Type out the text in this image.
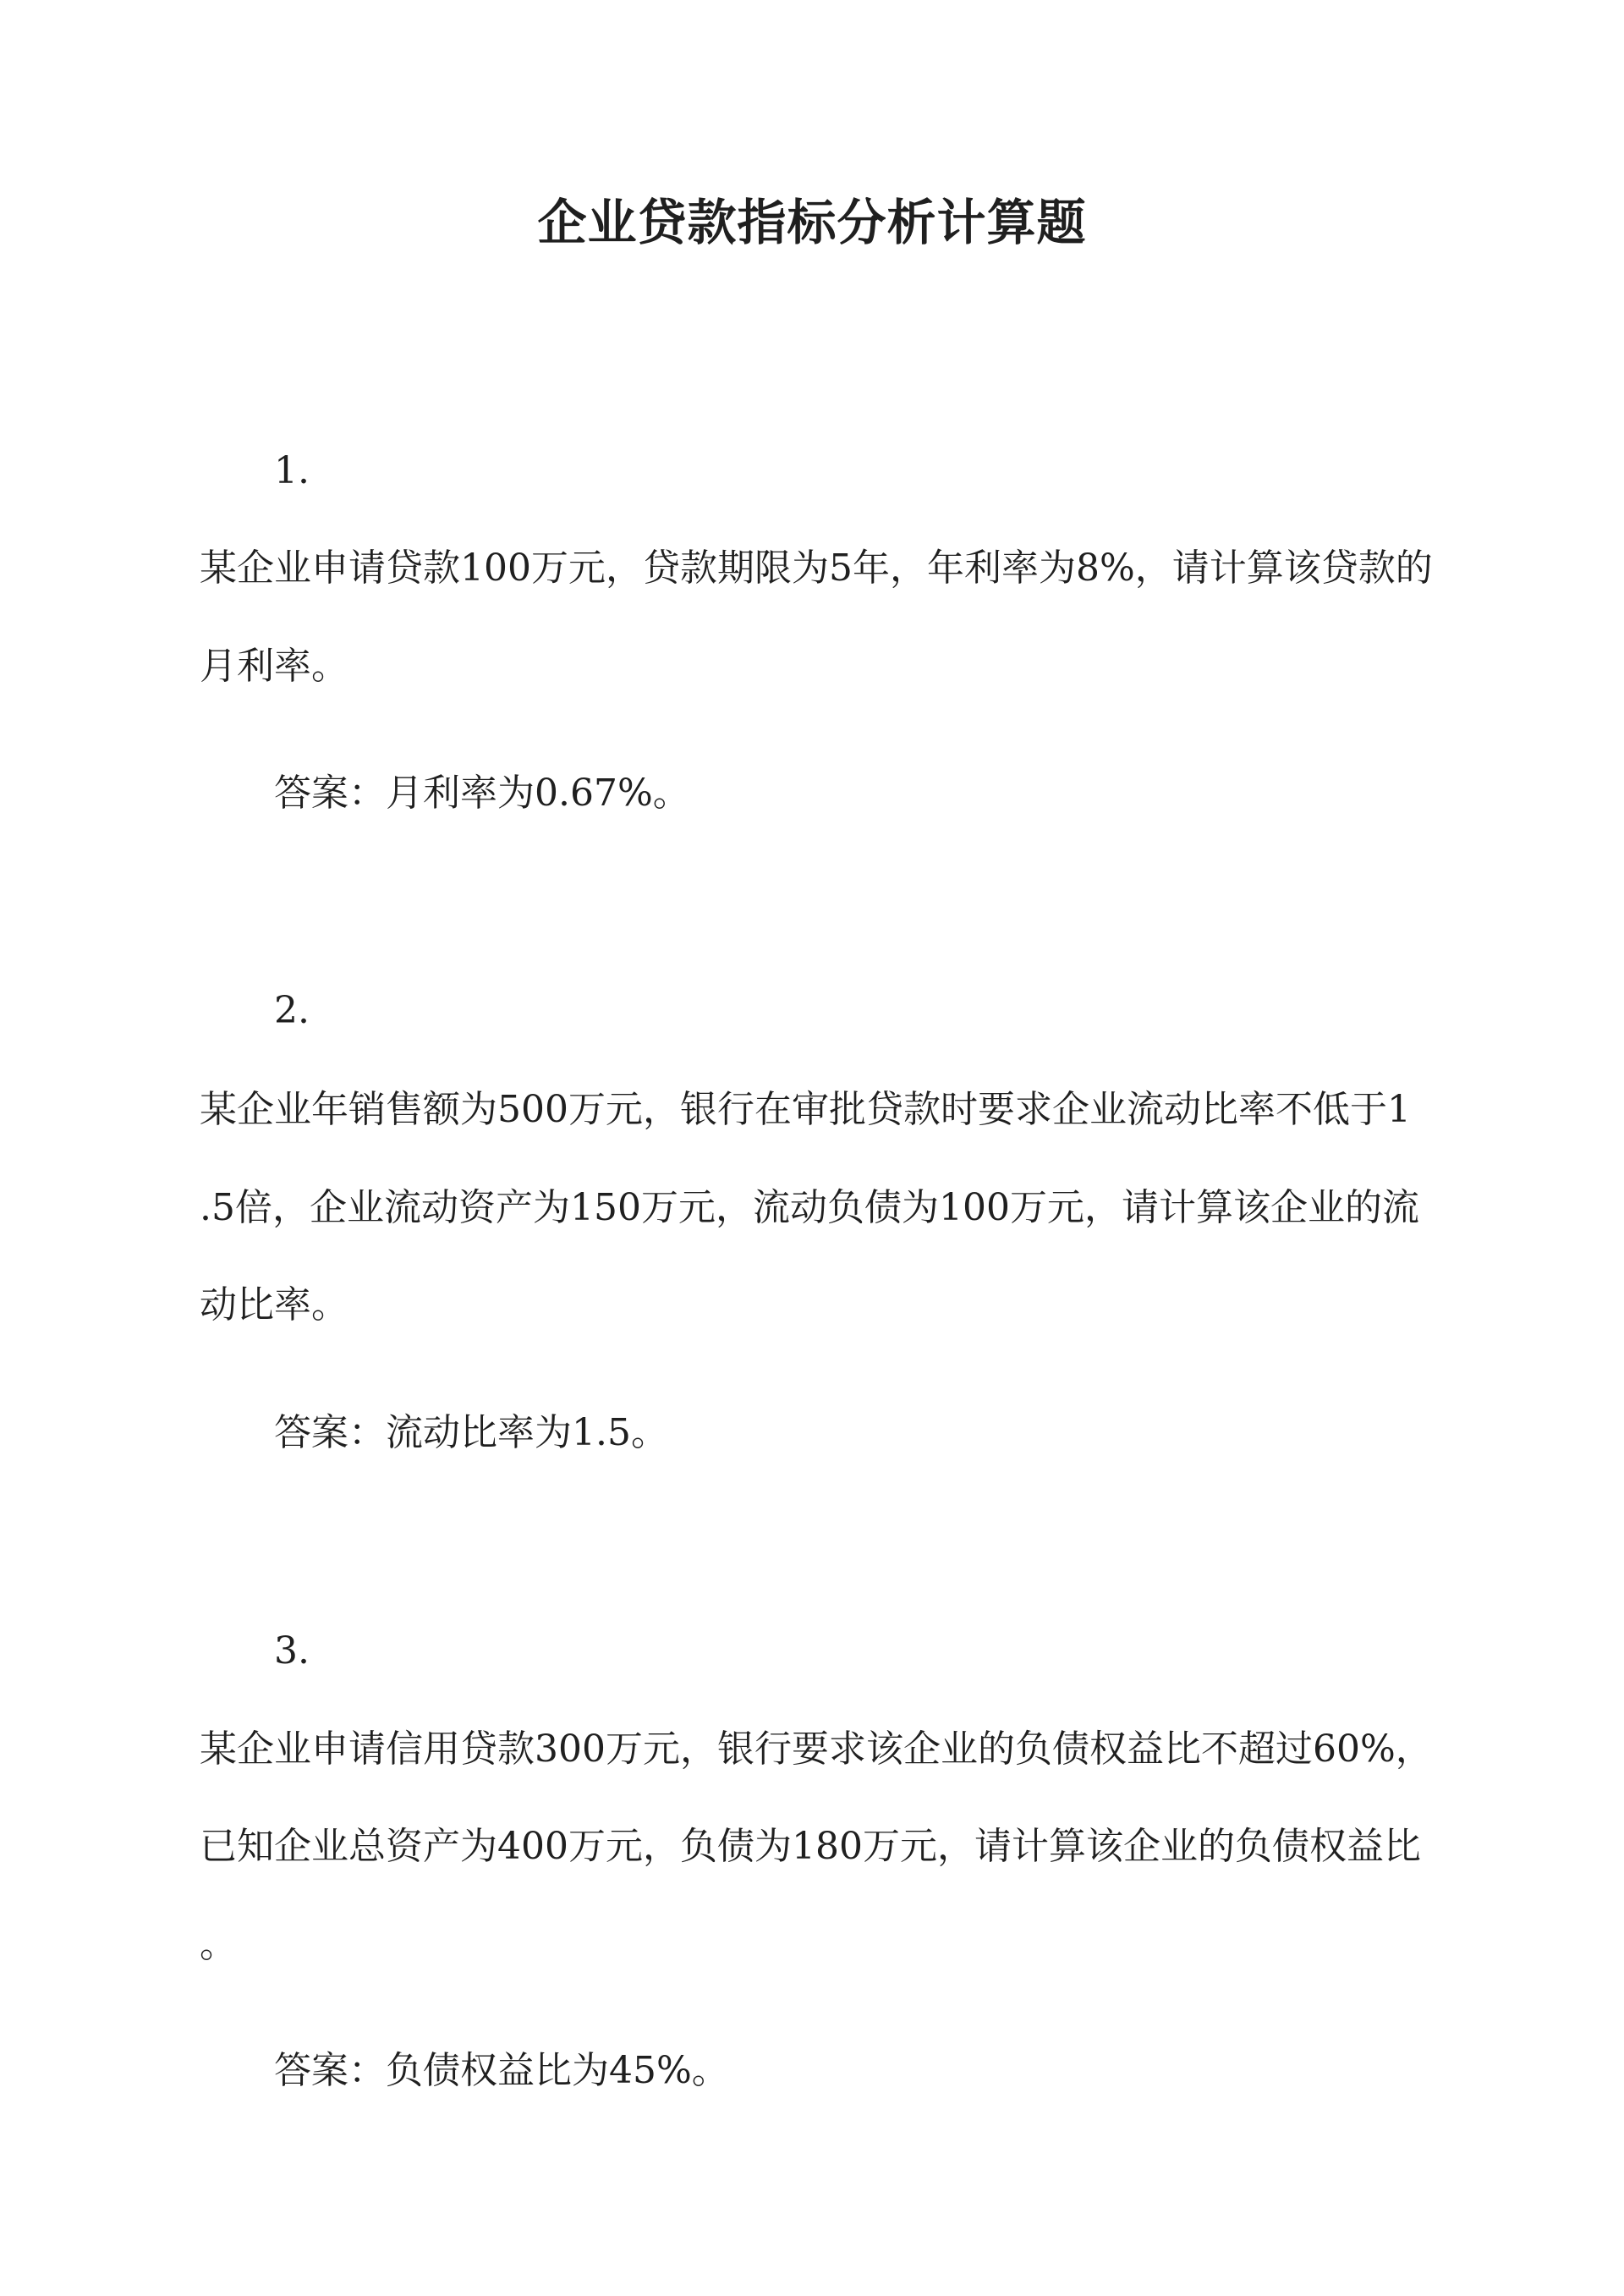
企业贷款指标分析计算题
1.
某企业申请贷款100万元，贷款期限为5年，年利率为8%，请计算该贷款的
月利率。
答案：月利率为0.67%。
2.
某企业年销售额为500万元，银行在审批贷款时要求企业流动比率不低于1
.5倍，企业流动资产为150万元，流动负债为100万元，请计算该企业的流
动比率。
答案：流动比率为1.5。
3.
某企业申请信用贷款300万元，银行要求该企业的负债权益比不超过60%，
已知企业总资产为400万元，负债为180万元，请计算该企业的负债权益比
。
答案：负债权益比为45%。
